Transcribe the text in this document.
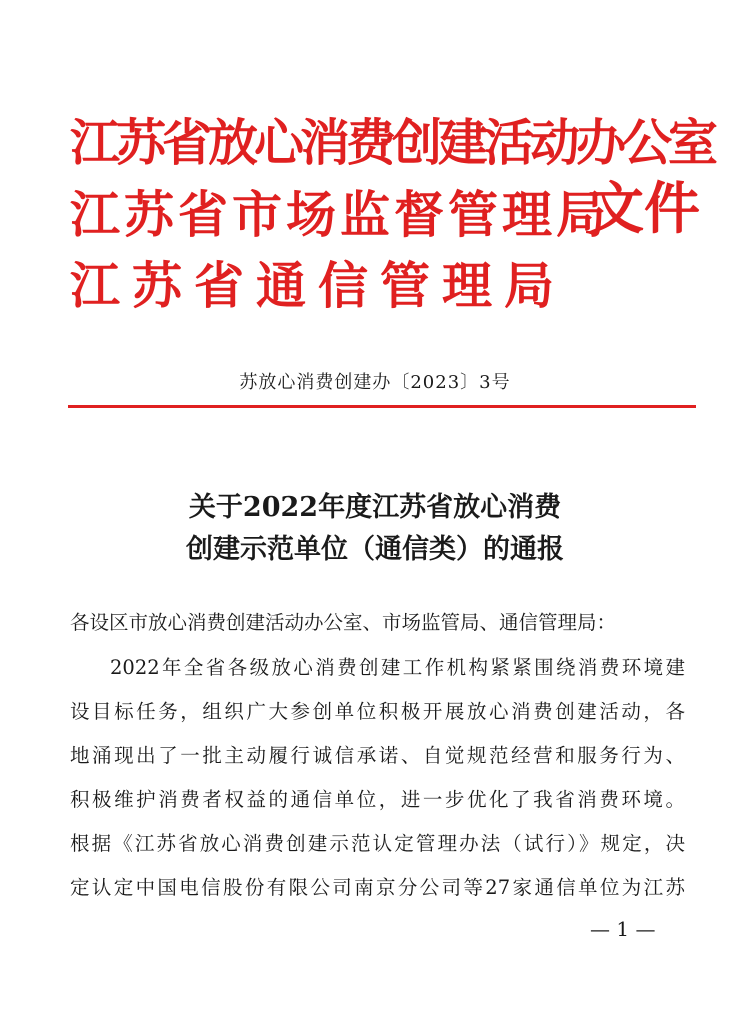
江苏省放心消费创建活动办公室
江苏省市场监督管理局
江苏省通信管理局
文件
苏放心消费创建办〔2023〕3号
关于2022年度江苏省放心消费
创建示范单位（通信类）的通报
各设区市放心消费创建活动办公室、市场监管局、通信管理局：
2022年全省各级放心消费创建工作机构紧紧围绕消费环境建
设目标任务，组织广大参创单位积极开展放心消费创建活动，各
地涌现出了一批主动履行诚信承诺、自觉规范经营和服务行为、
积极维护消费者权益的通信单位，进一步优化了我省消费环境。
根据《江苏省放心消费创建示范认定管理办法（试行）》规定，决
定认定中国电信股份有限公司南京分公司等27家通信单位为江苏
— 1 —
